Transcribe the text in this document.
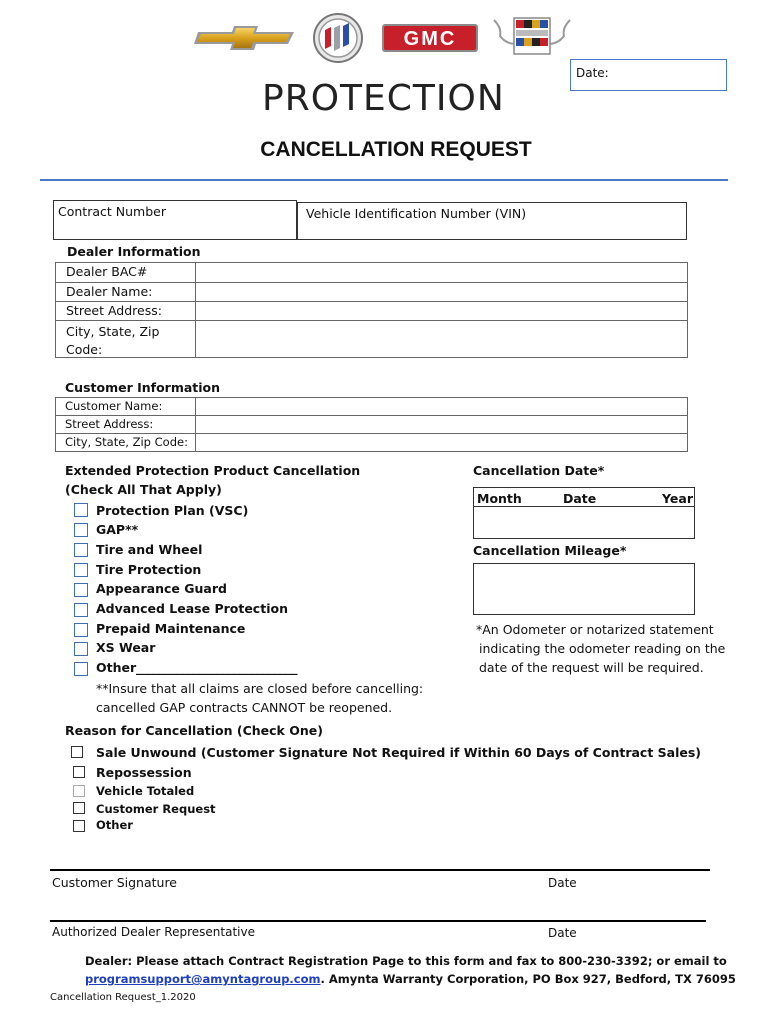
GMC
Date:
PROTECTION
CANCELLATION REQUEST
Contract Number	Vehicle Identification Number (VIN)
Dealer Information
Dealer BAC#
Dealer Name:
Street Address:
City, State, Zip
Code:
Customer Information
Customer Name:
Street Address:
City, State, Zip Code:
Extended Protection Product Cancellation
(Check All That Apply)
Protection Plan (VSC)
GAP**
Tire and Wheel
Tire Protection
Appearance Guard
Advanced Lease Protection
Prepaid Maintenance
XS Wear
Other ____________________________
**Insure that all claims are closed before cancelling:
cancelled GAP contracts CANNOT be reopened.
Cancellation Date*
Month	Date	Year
Cancellation Mileage*
*An Odometer or notarized statement
indicating the odometer reading on the
date of the request will be required.
Reason for Cancellation (Check One)
Sale Unwound (Customer Signature Not Required if Within 60 Days of Contract Sales)
Repossession
Vehicle Totaled
Customer Request
Other
Customer Signature	Date
Authorized Dealer Representative	Date
Dealer: Please attach Contract Registration Page to this form and fax to 800-230-3392; or email to
programsupport@amyntagroup.com. Amynta Warranty Corporation, PO Box 927, Bedford, TX 76095
Cancellation Request_1.2020
